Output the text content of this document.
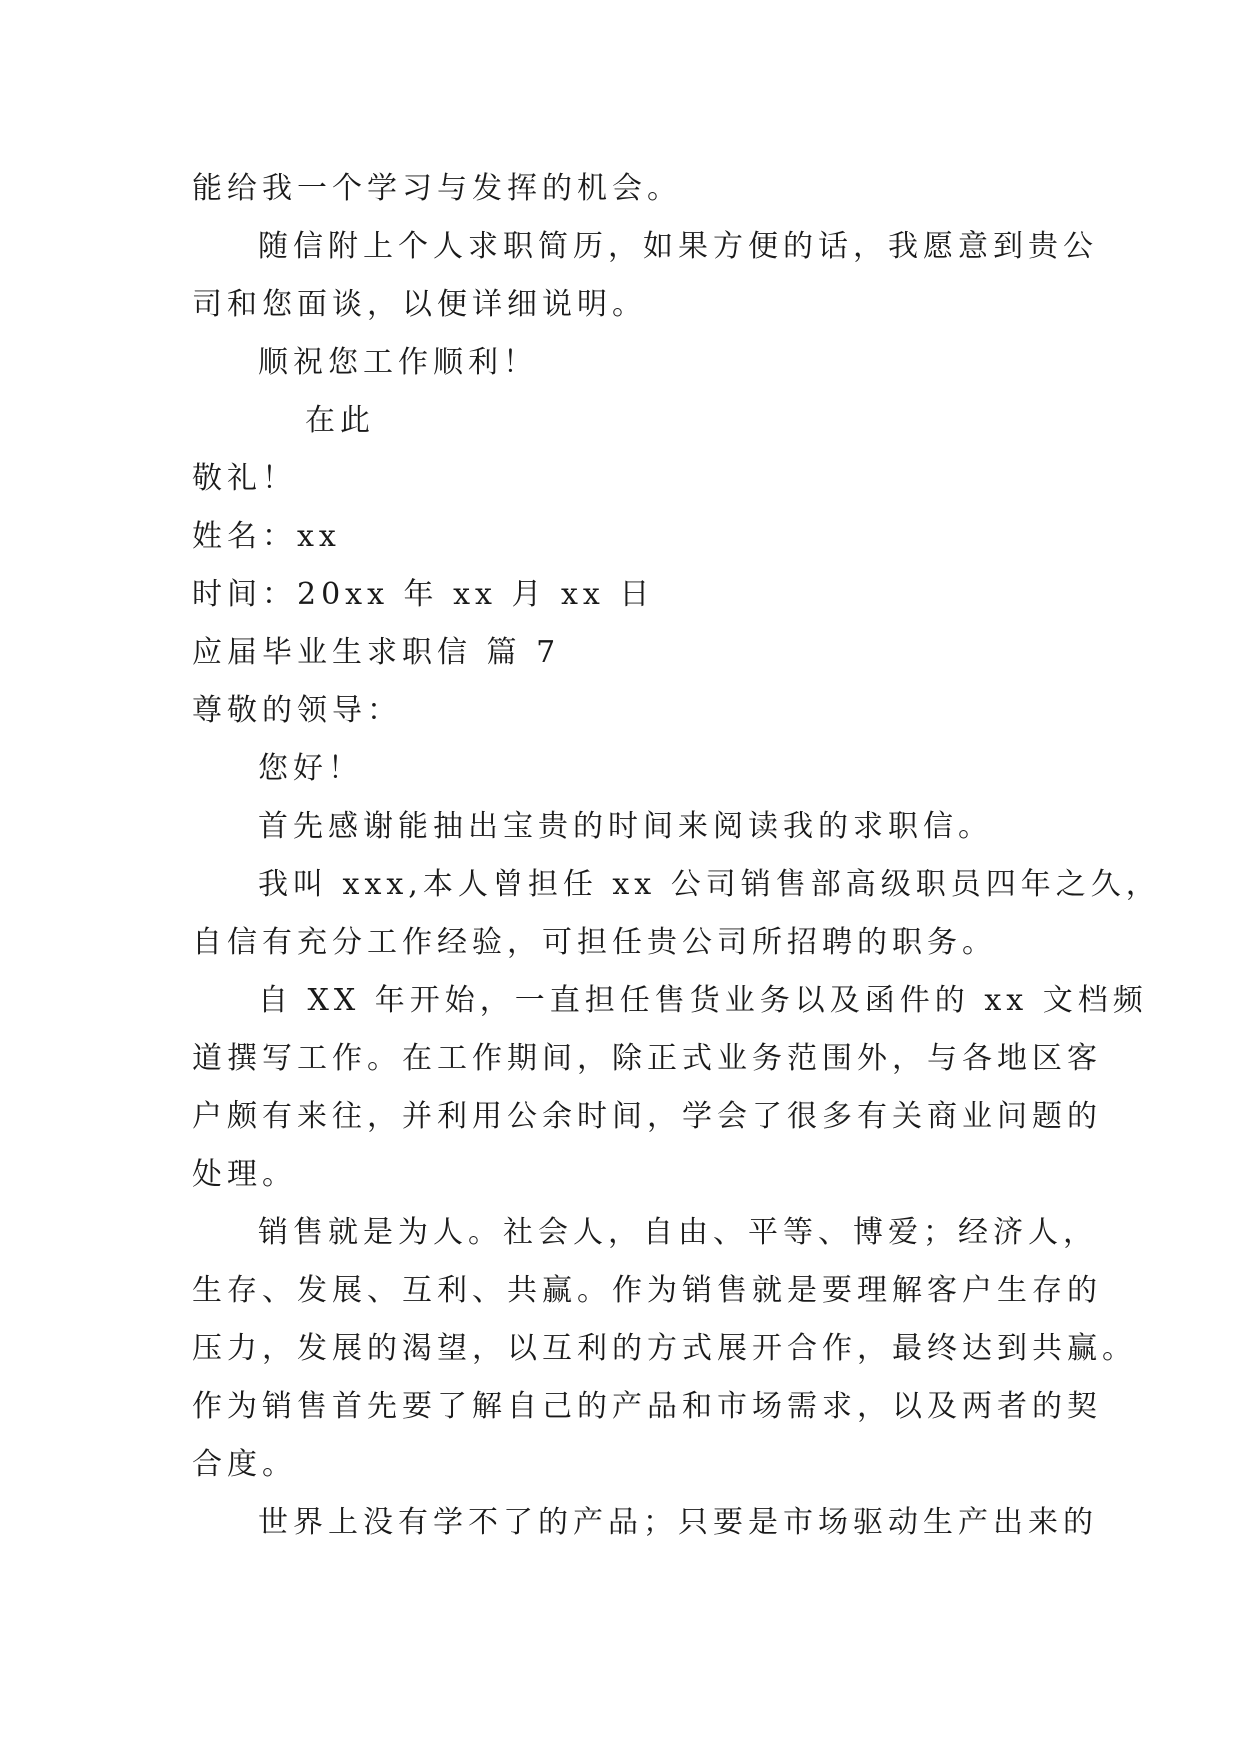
能给我一个学习与发挥的机会。
随信附上个人求职简历，如果方便的话，我愿意到贵公
司和您面谈，以便详细说明。
顺祝您工作顺利！
在此
敬礼！
姓名：xx
时间：20xx 年 xx 月 xx 日
应届毕业生求职信 篇 7
尊敬的领导：
您好！
首先感谢能抽出宝贵的时间来阅读我的求职信。
我叫 xxx,本人曾担任 xx 公司销售部高级职员四年之久，
自信有充分工作经验，可担任贵公司所招聘的职务。
自 XX 年开始，一直担任售货业务以及函件的 xx 文档频
道撰写工作。在工作期间，除正式业务范围外，与各地区客
户颇有来往，并利用公余时间，学会了很多有关商业问题的
处理。
销售就是为人。社会人，自由、平等、博爱；经济人，
生存、发展、互利、共赢。作为销售就是要理解客户生存的
压力，发展的渴望，以互利的方式展开合作，最终达到共赢。
作为销售首先要了解自己的产品和市场需求，以及两者的契
合度。
世界上没有学不了的产品；只要是市场驱动生产出来的
